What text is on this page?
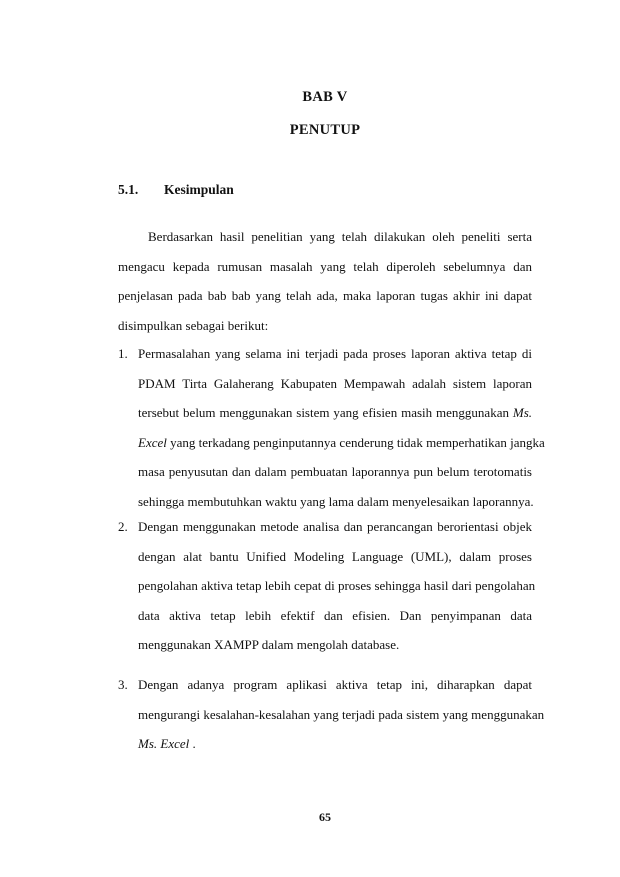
BAB V
PENUTUP
5.1. Kesimpulan
Berdasarkan hasil penelitian yang telah dilakukan oleh peneliti serta
mengacu kepada rumusan masalah yang telah diperoleh sebelumnya dan
penjelasan pada bab bab yang telah ada, maka laporan tugas akhir ini dapat
disimpulkan sebagai berikut:
1. Permasalahan yang selama ini terjadi pada proses laporan aktiva tetap di
PDAM Tirta Galaherang Kabupaten Mempawah adalah sistem laporan
tersebut belum menggunakan sistem yang efisien masih menggunakan Ms.
Excel yang terkadang penginputannya cenderung tidak memperhatikan jangka
masa penyusutan dan dalam pembuatan laporannya pun belum terotomatis
sehingga membutuhkan waktu yang lama dalam menyelesaikan laporannya.
2. Dengan menggunakan metode analisa dan perancangan berorientasi objek
dengan alat bantu Unified Modeling Language (UML), dalam proses
pengolahan aktiva tetap lebih cepat di proses sehingga hasil dari pengolahan
data aktiva tetap lebih efektif dan efisien. Dan penyimpanan data
menggunakan XAMPP dalam mengolah database.
3. Dengan adanya program aplikasi aktiva tetap ini, diharapkan dapat
mengurangi kesalahan-kesalahan yang terjadi pada sistem yang menggunakan
Ms. Excel .
65
